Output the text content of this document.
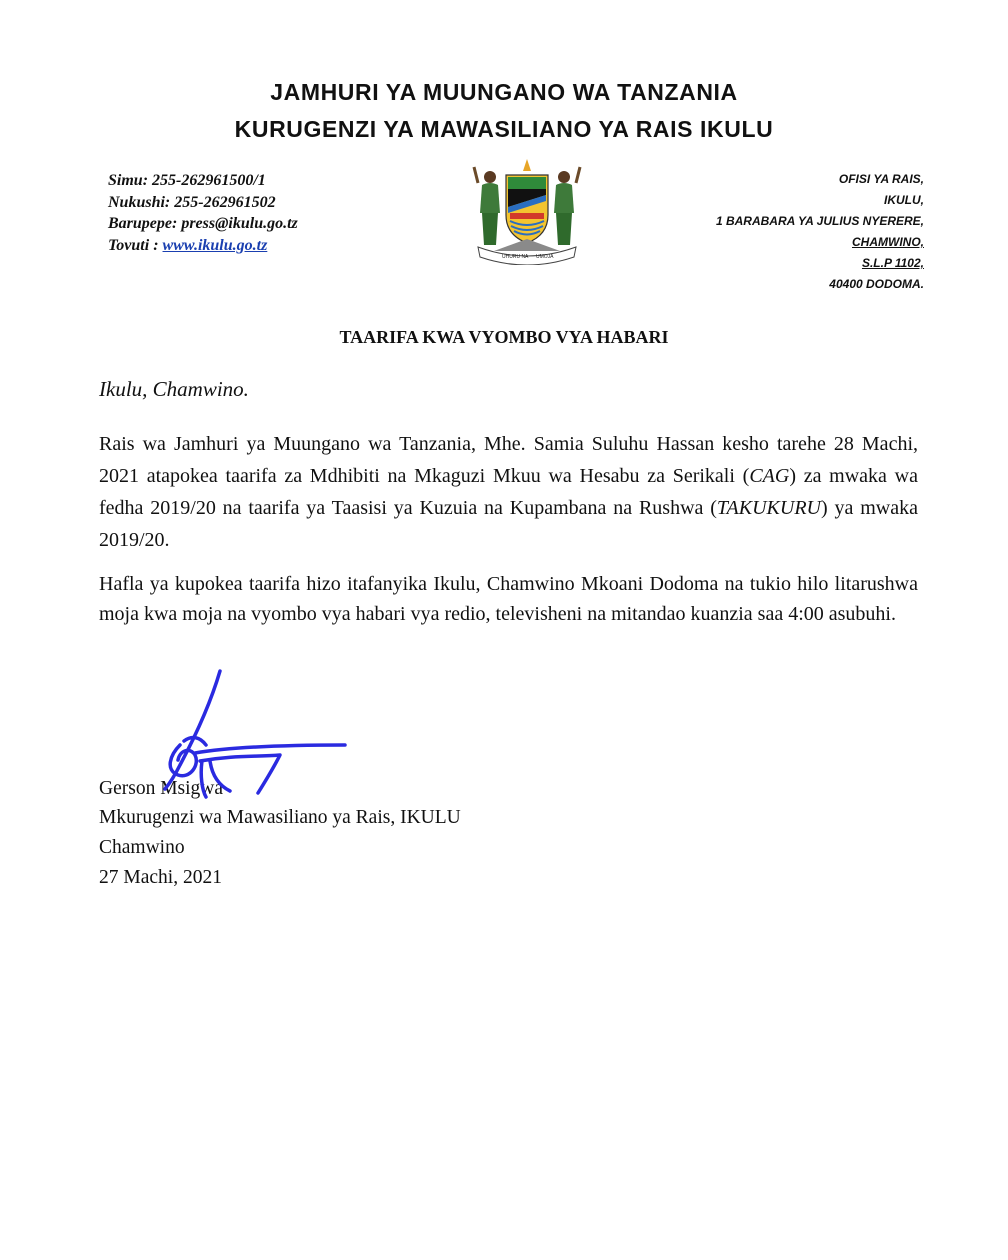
JAMHURI YA MUUNGANO WA TANZANIA
KURUGENZI YA MAWASILIANO YA RAIS IKULU
Simu: 255-262961500/1
Nukushi: 255-262961502
Barupepe: press@ikulu.go.tz
Tovuti : www.ikulu.go.tz
UHURU NA UMOJA
OFISI YA RAIS,
IKULU,
1 BARABARA YA JULIUS NYERERE,
CHAMWINO,
S.L.P 1102,
40400 DODOMA.
TAARIFA KWA VYOMBO VYA HABARI
Ikulu, Chamwino.
Rais wa Jamhuri ya Muungano wa Tanzania, Mhe. Samia Suluhu Hassan kesho tarehe 28 Machi, 2021 atapokea taarifa za Mdhibiti na Mkaguzi Mkuu wa Hesabu za Serikali (CAG) za mwaka wa fedha 2019/20 na taarifa ya Taasisi ya Kuzuia na Kupambana na Rushwa (TAKUKURU) ya mwaka 2019/20.
Hafla ya kupokea taarifa hizo itafanyika Ikulu, Chamwino Mkoani Dodoma na tukio hilo litarushwa moja kwa moja na vyombo vya habari vya redio, televisheni na mitandao kuanzia saa 4:00 asubuhi.
Gerson Msigwa
Mkurugenzi wa Mawasiliano ya Rais, IKULU
Chamwino
27 Machi, 2021
